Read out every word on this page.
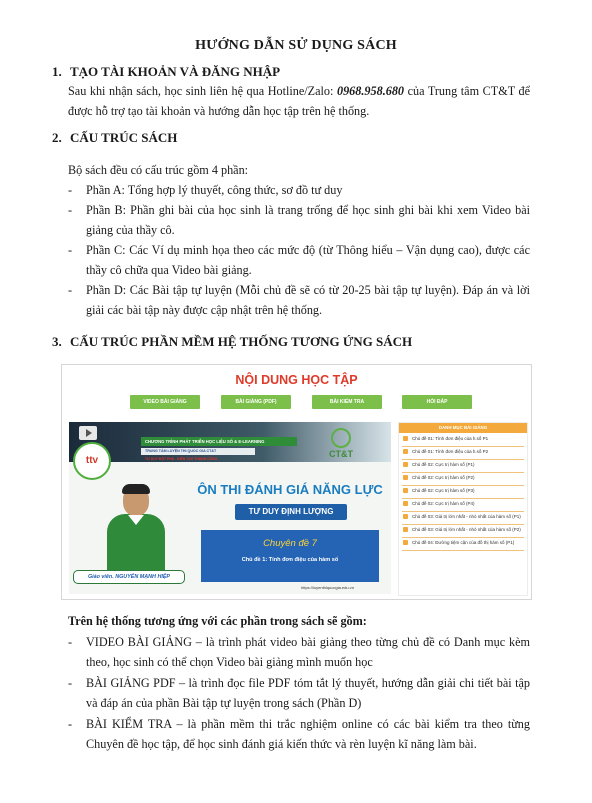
HƯỚNG DẪN SỬ DỤNG SÁCH
1. TẠO TÀI KHOẢN VÀ ĐĂNG NHẬP
Sau khi nhận sách, học sinh liên hệ qua Hotline/Zalo: 0968.958.680 của Trung tâm CT&T để được hỗ trợ tạo tài khoản và hướng dẫn học tập trên hệ thống.
2. CẤU TRÚC SÁCH
Bộ sách đều có cấu trúc gồm 4 phần:
- Phần A: Tổng hợp lý thuyết, công thức, sơ đồ tư duy
- Phần B: Phần ghi bài của học sinh là trang trống để học sinh ghi bài khi xem Video bài giảng của thầy cô.
- Phần C: Các Ví dụ minh họa theo các mức độ (từ Thông hiểu – Vận dụng cao), được các thầy cô chữa qua Video bài giảng.
- Phần D: Các Bài tập tự luyện (Mỗi chủ đề sẽ có từ 20-25 bài tập tự luyện). Đáp án và lời giải các bài tập này được cập nhật trên hệ thống.
3. CẤU TRÚC PHẦN MỀM HỆ THỐNG TƯƠNG ỨNG SÁCH
NỘI DUNG HỌC TẬP
VIDEO BÀI GIẢNG	BÀI GIẢNG (PDF)	BÀI KIỂM TRA	HỎI ĐÁP
ttv
CHƯƠNG TRÌNH PHÁT TRIỂN HỌC LIỆU SỐ & E-LEARNING
TRUNG TÂM LUYỆN THI QUỐC GIA CT&T
TƯ DUY ĐỘT PHÁ - KIẾN TẠO THÀNH CÔNG	CT&T
Giáo viên. NGUYỄN MẠNH HIỆP
ÔN THI ĐÁNH GIÁ NĂNG LỰC
TƯ DUY ĐỊNH LƯỢNG
Chuyên đề 7
Chủ đề 1: Tính đơn điệu của hàm số
https://luyenthiquocgia.edu.vn
DANH MỤC BÀI GIẢNG
Chủ đề 01: Tính đơn điệu của h.số P1
Chủ đề 01: Tính đơn điệu của h.số P2
Chủ đề 02: Cực trị hàm số (P1)
Chủ đề 02: Cực trị hàm số (P2)
Chủ đề 02: Cực trị hàm số (P3)
Chủ đề 02: Cực trị hàm số (P4)
Chủ đề 03: Giá trị lớn nhất - nhỏ nhất của hàm số (P1)
Chủ đề 03: Giá trị lớn nhất - nhỏ nhất của hàm số (P2)
Chủ đề 04: Đường tiệm cận của đồ thị hàm số (P1)
Trên hệ thống tương ứng với các phần trong sách sẽ gồm:
- VIDEO BÀI GIẢNG – là trình phát video bài giảng theo từng chủ đề có Danh mục kèm theo, học sinh có thể chọn Video bài giảng mình muốn học
- BÀI GIẢNG PDF – là trình đọc file PDF tóm tắt lý thuyết, hướng dẫn giải chi tiết bài tập và đáp án của phần Bài tập tự luyện trong sách (Phần D)
- BÀI KIỂM TRA – là phần mềm thi trắc nghiệm online có các bài kiểm tra theo từng Chuyên đề học tập, để học sinh đánh giá kiến thức và rèn luyện kĩ năng làm bài.
